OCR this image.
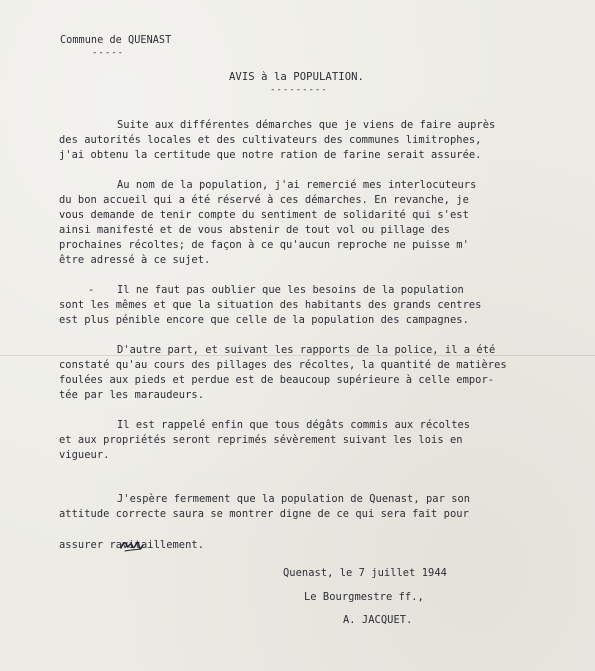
Commune de QUENAST
-----
AVIS à la POPULATION.
---------
Suite aux différentes démarches que je viens de faire auprès
des autorités locales et des cultivateurs des communes limitrophes,
j'ai obtenu la certitude que notre ration de farine serait assurée.
Au nom de la population, j'ai remercié mes interlocuteurs
du bon accueil qui a été réservé à ces démarches. En revanche, je
vous demande de tenir compte du sentiment de solidarité qui s'est
ainsi manifesté et de vous abstenir de tout vol ou pillage des
prochaines récoltes; de façon à ce qu'aucun reproche ne puisse m'
être adressé à ce sujet.
- Il ne faut pas oublier que les besoins de la population
sont les mêmes et que la situation des habitants des grands centres
est plus pénible encore que celle de la population des campagnes.
D'autre part, et suivant les rapports de la police, il a été
constaté qu'au cours des pillages des récoltes, la quantité de matières
foulées aux pieds et perdue est de beaucoup supérieure à celle empor-
tée par les maraudeurs.
Il est rappelé enfin que tous dégâts commis aux récoltes
et aux propriétés seront reprimés sévèrement suivant les lois en
vigueur.
J'espère fermement que la population de Quenast, par son
attitude correcte saura se montrer digne de ce qui sera fait pour
assurer ravitaillement.
Quenast, le 7 juillet 1944
Le Bourgmestre ff.,
A. JACQUET.
